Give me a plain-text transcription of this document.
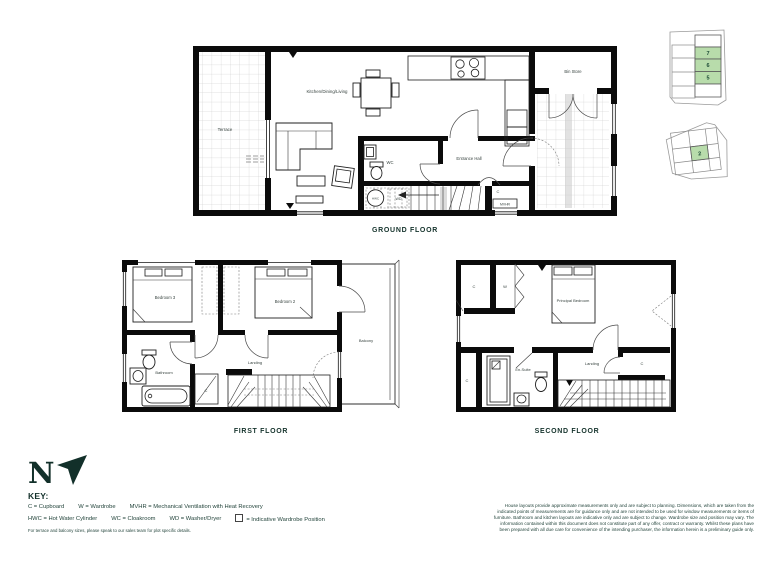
HWC	WD
C
MVHR
Terrace
Kitchen/Dining/Living
WC
Entrance Hall
Bin Store
GROUND FLOOR
C
Bedroom 3
Bedroom 2
Balcony
Bathroom
Landing
FIRST FLOOR
C	W
Principal Bedroom
C
En-Suite
Landing	C
SECOND FLOOR
7
6
5
2
N
KEY:
C = Cupboard W = Wardrobe MVHR = Mechanical Ventilation with Heat Recovery
HWC = Hot Water Cylinder WC = Cloakroom WD = Washer/Dryer	= Indicative Wardrobe Position
For terrace and balcony sizes, please speak to our sales team for plot specific details.
House layouts provide approximate measurements only and are subject to planning. Dimensions, which are taken from the indicated points of measurements are for guidance only and are not intended to be used for window measurements or items of furniture. Bathroom and kitchen layouts are indicative only and are subject to change. Wardrobe size and position may vary. The information contained within this document does not constitute part of any offer, contract or warranty. Whilst these plans have been prepared with all due care for convenience of the intending purchaser, the information herein is a preliminary guide only.
